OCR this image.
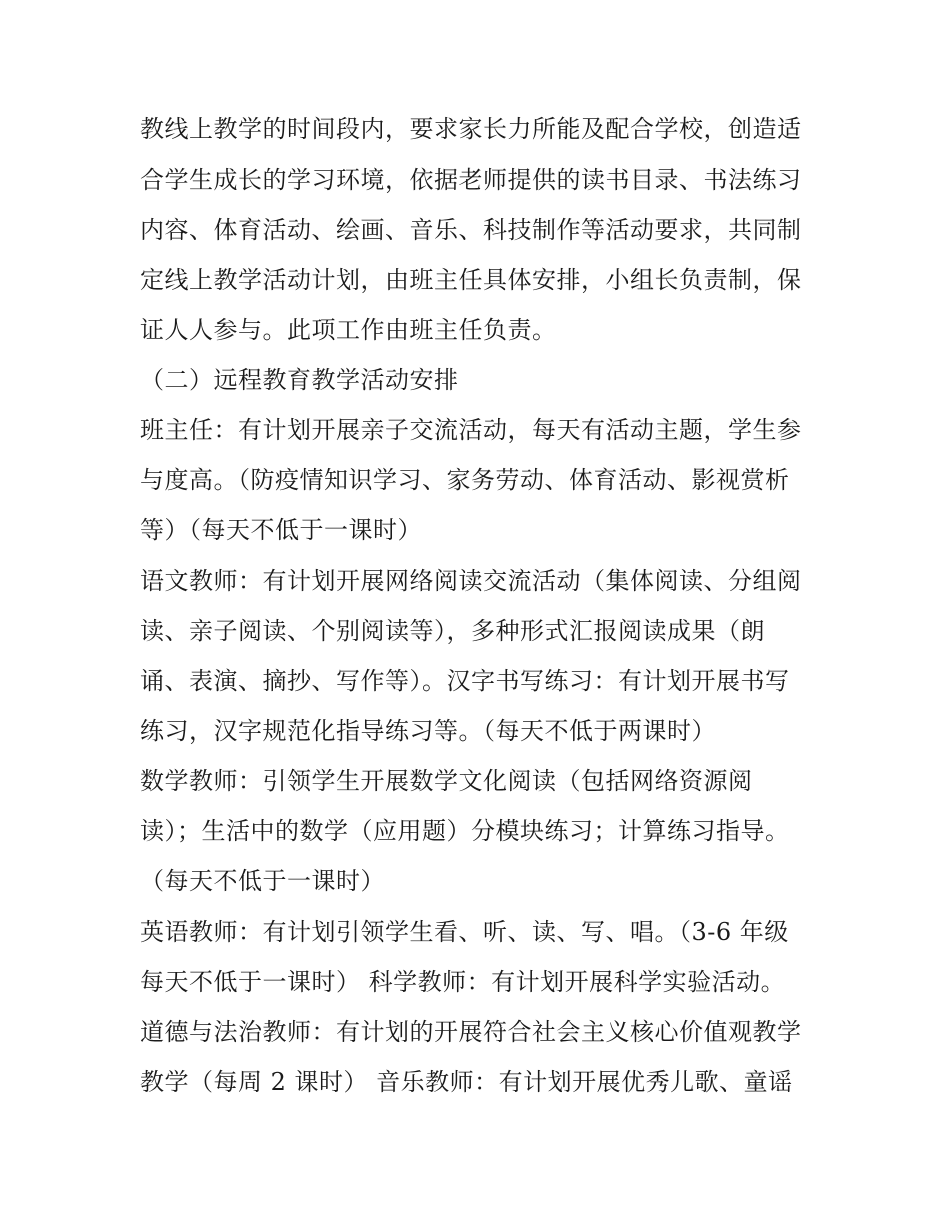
教线上教学的时间段内，要求家长力所能及配合学校，创造适
合学生成长的学习环境，依据老师提供的读书目录、书法练习
内容、体育活动、绘画、音乐、科技制作等活动要求，共同制
定线上教学活动计划，由班主任具体安排，小组长负责制，保
证人人参与。此项工作由班主任负责。
（二）远程教育教学活动安排
班主任：有计划开展亲子交流活动，每天有活动主题，学生参
与度高。（防疫情知识学习、家务劳动、体育活动、影视赏析
等）（每天不低于一课时）
语文教师：有计划开展网络阅读交流活动（集体阅读、分组阅
读、亲子阅读、个别阅读等），多种形式汇报阅读成果（朗
诵、表演、摘抄、写作等）。汉字书写练习：有计划开展书写
练习，汉字规范化指导练习等。（每天不低于两课时）
数学教师：引领学生开展数学文化阅读（包括网络资源阅
读）；生活中的数学（应用题）分模块练习；计算练习指导。
（每天不低于一课时）
英语教师：有计划引领学生看、听、读、写、唱。（3-6 年级
每天不低于一课时） 科学教师：有计划开展科学实验活动。
道德与法治教师：有计划的开展符合社会主义核心价值观教学
教学（每周 2 课时） 音乐教师：有计划开展优秀儿歌、童谣
